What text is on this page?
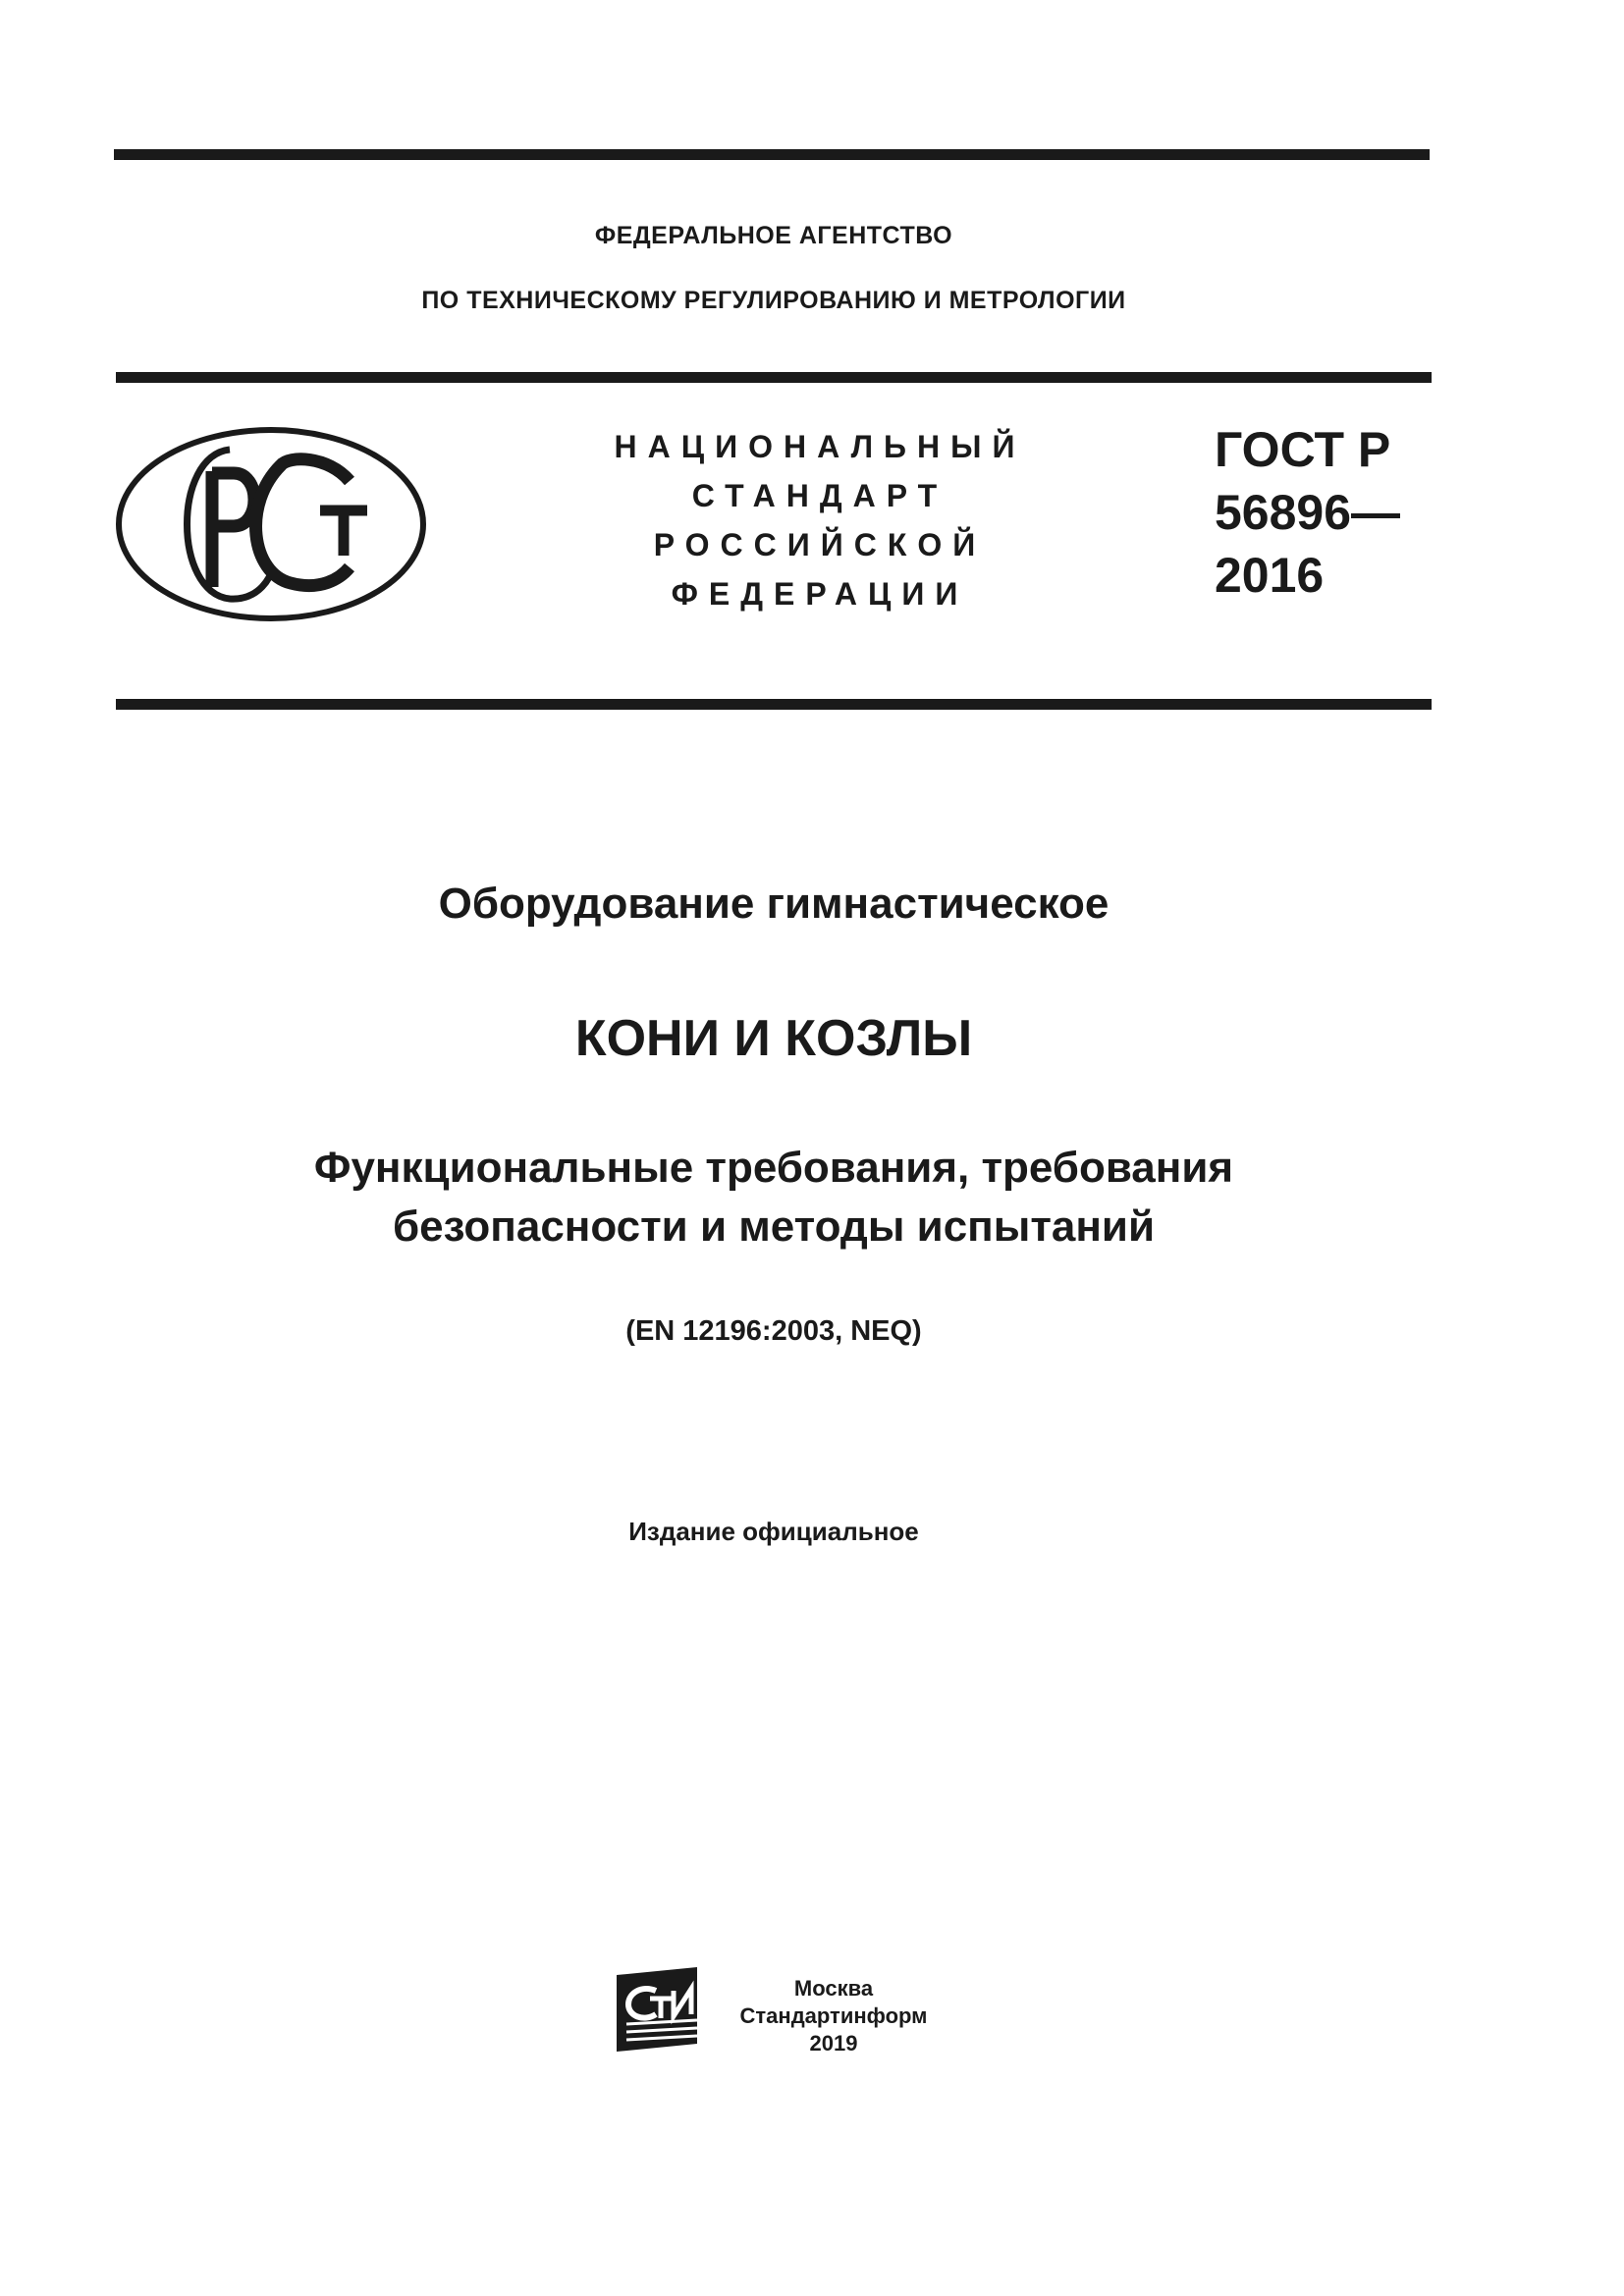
ФЕДЕРАЛЬНОЕ АГЕНТСТВО
ПО ТЕХНИЧЕСКОМУ РЕГУЛИРОВАНИЮ И МЕТРОЛОГИИ
НАЦИОНАЛЬНЫЙ
СТАНДАРТ
РОССИЙСКОЙ
ФЕДЕРАЦИИ
ГОСТ Р
56896—
2016
Оборудование гимнастическое
КОНИ И КОЗЛЫ
Функциональные требования, требования
безопасности и методы испытаний
(EN 12196:2003, NEQ)
Издание официальное
Москва
Стандартинформ
2019
